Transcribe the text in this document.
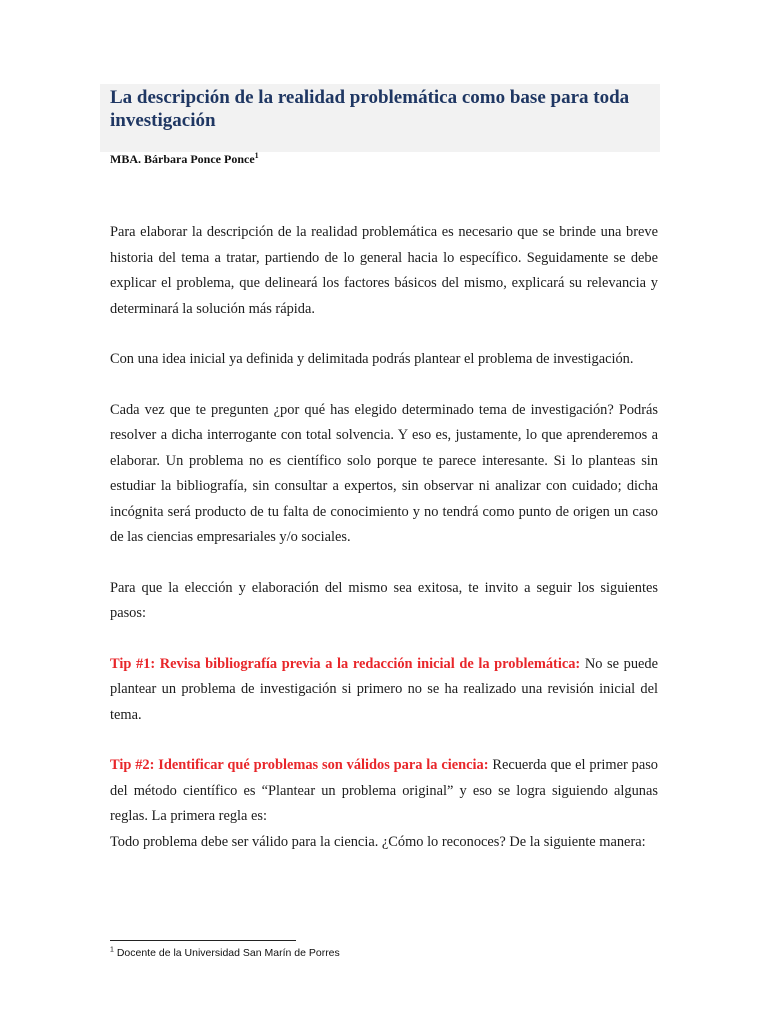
La descripción de la realidad problemática como base para toda investigación

MBA. Bárbara Ponce Ponce$^1$

Para elaborar la descripción de la realidad problemática es necesario que se brinde una breve historia del tema a tratar, partiendo de lo general hacia lo específico. Seguidamente se debe explicar el problema, que delineará los factores básicos del mismo, explicará su relevancia y determinará la solución más rápida.

Con una idea inicial ya definida y delimitada podrás plantear el problema de investigación.

Cada vez que te pregunten ¿por qué has elegido determinado tema de investigación? Podrás resolver a dicha interrogante con total solvencia. Y eso es, justamente, lo que aprenderemos a elaborar. Un problema no es científico solo porque te parece interesante. Si lo planteas sin estudiar la bibliografía, sin consultar a expertos, sin observar ni analizar con cuidado; dicha incógnita será producto de tu falta de conocimiento y no tendrá como punto de origen un caso de las ciencias empresariales y/o sociales.

Para que la elección y elaboración del mismo sea exitosa, te invito a seguir los siguientes pasos:

Tip #1: Revisa bibliografía previa a la redacción inicial de la problemática: No se puede plantear un problema de investigación si primero no se ha realizado una revisión inicial del tema.

Tip #2: Identificar qué problemas son válidos para la ciencia: Recuerda que el primer paso del método científico es “Plantear un problema original” y eso se logra siguiendo algunas reglas. La primera regla es:

Todo problema debe ser válido para la ciencia. ¿Cómo lo reconoces? De la siguiente manera:

$^1$ Docente de la Universidad San Marín de Porres
